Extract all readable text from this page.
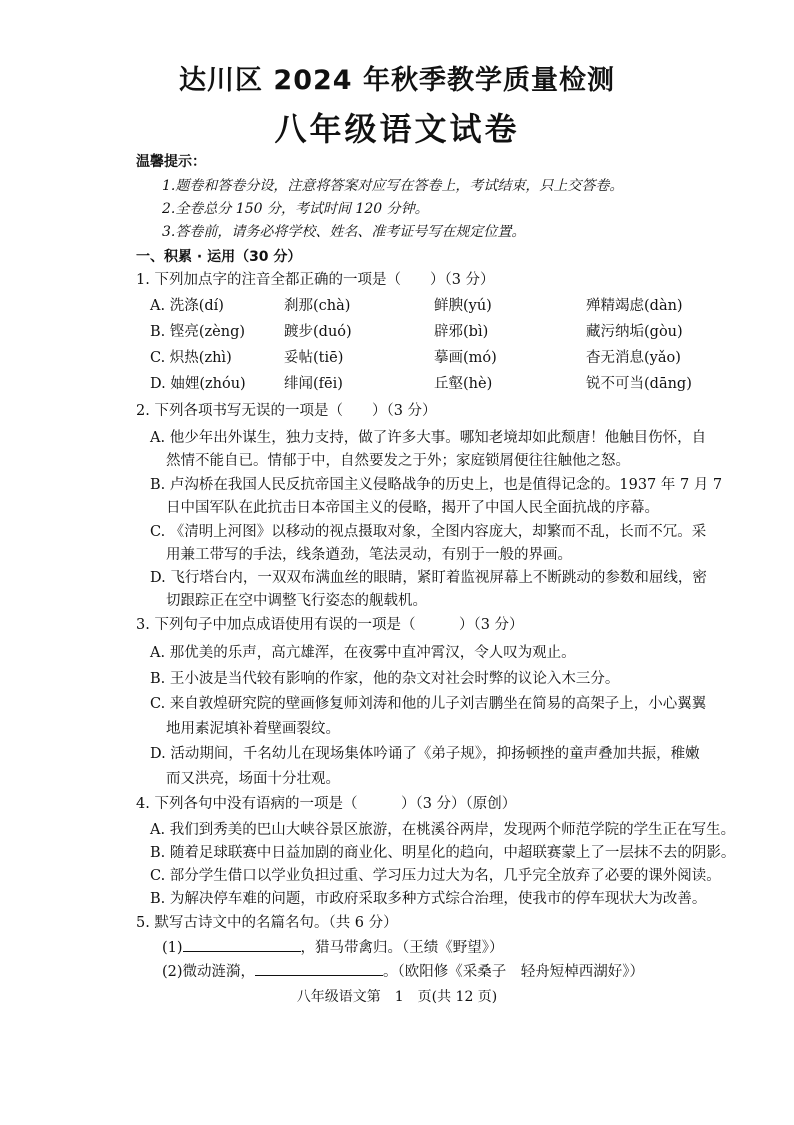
达川区 2024 年秋季教学质量检测
八年级语文试卷
温馨提示：
1.题卷和答卷分设，注意将答案对应写在答卷上，考试结束，只上交答卷。
2.全卷总分 150 分，考试时间 120 分钟。
3.答卷前，请务必将学校、姓名、准考证号写在规定位置。
一、积累 · 运用（30 分）
1. 下列加点字的注音全都正确的一项是（　　）（3 分）
A. 洗涤(dí)	刹那(chà)	鲜腴(yú)	殚精竭虑(dàn)
B. 铿亮(zèng)	踱步(duó)	辟邪(bì)	藏污纳垢(gòu)
C. 炽热(zhì)	妥帖(tiē)	摹画(mó)	杳无消息(yǎo)
D. 妯娌(zhóu)	绯闻(fēi)	丘壑(hè)	锐不可当(dāng)
2. 下列各项书写无误的一项是（　　）（3 分）
A. 他少年出外谋生，独力支持，做了许多大事。哪知老境却如此颓唐！他触目伤怀，自
然情不能自已。情郁于中，自然要发之于外；家庭锁屑便往往触他之怒。
B. 卢沟桥在我国人民反抗帝国主义侵略战争的历史上，也是值得记念的。1937 年 7 月 7
日中国军队在此抗击日本帝国主义的侵略，揭开了中国人民全面抗战的序幕。
C. 《清明上河图》以移动的视点摄取对象，全图内容庞大，却繁而不乱，长而不冗。采
用兼工带写的手法，线条遒劲，笔法灵动，有别于一般的界画。
D. 飞行塔台内，一双双布满血丝的眼睛，紧盯着监视屏幕上不断跳动的参数和屈线，密
切跟踪正在空中调整飞行姿态的舰载机。
3. 下列句子中加点成语使用有误的一项是（　　　）（3 分）
A. 那优美的乐声，高亢雄浑，在夜雾中直冲霄汉，令人叹为观止。
B. 王小波是当代较有影响的作家，他的杂文对社会时弊的议论入木三分。
C. 来自敦煌研究院的壁画修复师刘涛和他的儿子刘吉鹏坐在简易的高架子上，小心翼翼
地用素泥填补着壁画裂纹。
D. 活动期间，千名幼儿在现场集体吟诵了《弟子规》，抑扬顿挫的童声叠加共振，稚嫩
而又洪亮，场面十分壮观。
4. 下列各句中没有语病的一项是（　　　）（3 分）（原创）
A. 我们到秀美的巴山大峡谷景区旅游，在桃溪谷两岸，发现两个师范学院的学生正在写生。
B. 随着足球联赛中日益加剧的商业化、明星化的趋向，中超联赛蒙上了一层抹不去的阴影。
C. 部分学生借口以学业负担过重、学习压力过大为名，几乎完全放弃了必要的课外阅读。
B. 为解决停车难的问题，市政府采取多种方式综合治理，使我市的停车现状大为改善。
5. 默写古诗文中的名篇名句。（共 6 分）
(1)	，猎马带禽归。（王绩《野望》）
(2)微动涟漪，	。（欧阳修《采桑子　轻舟短棹西湖好》）
八年级语文第　1　页(共 12 页)
